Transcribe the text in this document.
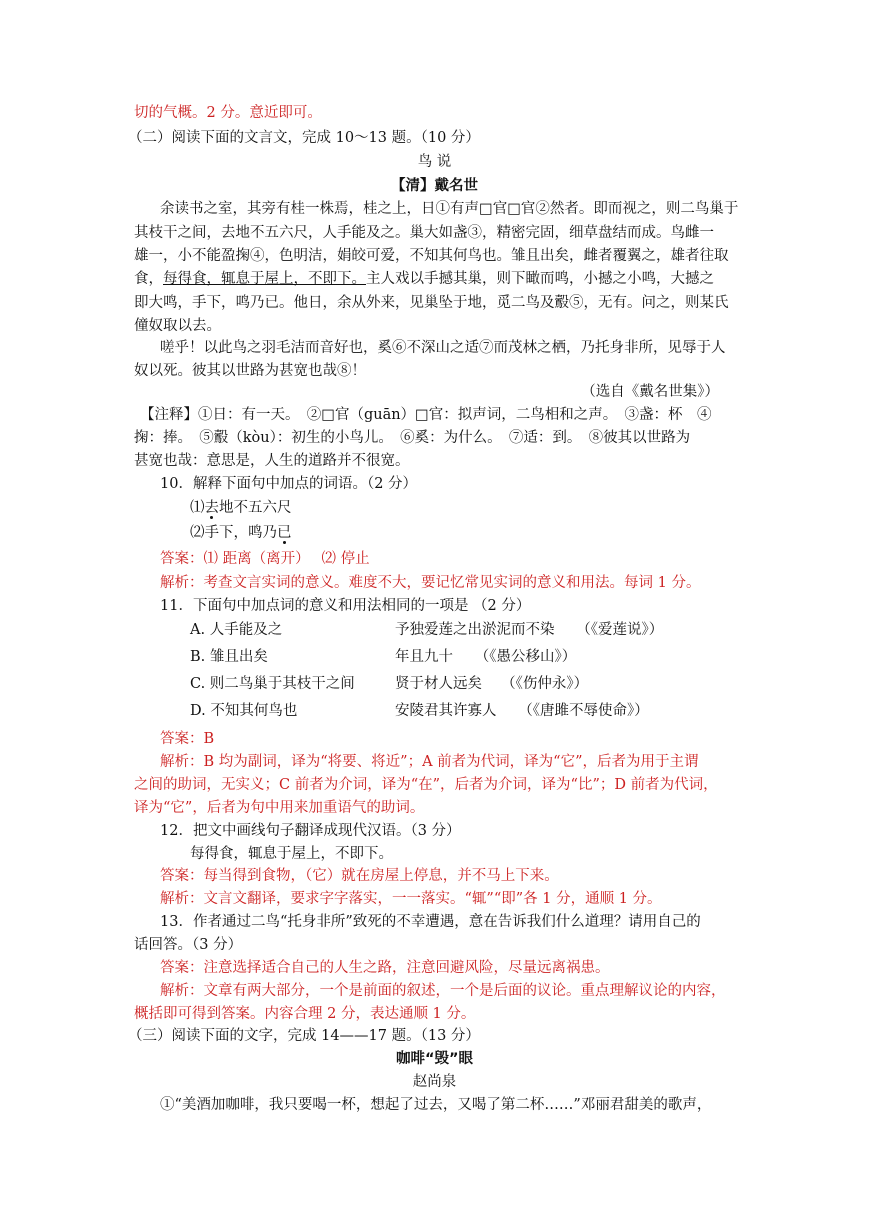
切的气概。2 分。意近即可。
（二）阅读下面的文言文，完成 10～13 题。（10 分）
鸟 说
【清】戴名世
余读书之室，其旁有桂一株焉，桂之上，日①有声□官□官②然者。即而视之，则二鸟巢于
其枝干之间，去地不五六尺，人手能及之。巢大如盏③，精密完固，细草盘结而成。鸟雌一
雄一，小不能盈掬④，色明洁，娟皎可爱，不知其何鸟也。雏且出矣，雌者覆翼之，雄者往取
食，每得食，辄息于屋上，不即下。主人戏以手撼其巢，则下瞰而鸣，小撼之小鸣，大撼之
即大鸣，手下，鸣乃已。他日，余从外来，见巢坠于地，觅二鸟及鷇⑤，无有。问之，则某氏
僮奴取以去。
嗟乎！以此鸟之羽毛洁而音好也，奚⑥不深山之适⑦而茂林之栖，乃托身非所，见辱于人
奴以死。彼其以世路为甚宽也哉⑧！
（选自《戴名世集》）
【注释】①日：有一天。　②□官（guān）□官：拟声词，二鸟相和之声。　③盏：杯　④
掬：捧。　⑤鷇（kòu）：初生的小鸟儿。　⑥奚：为什么。　⑦适：到。　⑧彼其以世路为
甚宽也哉：意思是，人生的道路并不很宽。
10．解释下面句中加点的词语。（2 分）
⑴去地不五六尺
⑵手下，鸣乃已
答案：⑴ 距离（离开）　 ⑵ 停止
解析：考查文言实词的意义。难度不大，要记忆常见实词的意义和用法。每词 1 分。
11．下面句中加点词的意义和用法相同的一项是 （2 分）
A. 人手能及之	予独爱莲之出淤泥而不染　　（《爱莲说》）
B. 雏且出矣	年且九十　　（《愚公移山》）
C. 则二鸟巢于其枝干之间	贤于材人远矣　 （《伤仲永》）
D. 不知其何鸟也	安陵君其许寡人　　（《唐雎不辱使命》）
答案：B
解析：B 均为副词，译为“将要、将近”；A 前者为代词，译为“它”，后者为用于主谓
之间的助词，无实义；C 前者为介词，译为“在”，后者为介词，译为“比”；D 前者为代词，
译为“它”，后者为句中用来加重语气的助词。
12．把文中画线句子翻译成现代汉语。（3 分）
每得食，辄息于屋上，不即下。
答案：每当得到食物，（它）就在房屋上停息，并不马上下来。
解析：文言文翻译，要求字字落实，一一落实。“辄”“即”各 1 分，通顺 1 分。
13．作者通过二鸟“托身非所”致死的不幸遭遇，意在告诉我们什么道理？请用自己的
话回答。（3 分）
答案：注意选择适合自己的人生之路，注意回避风险，尽量远离祸患。
解析：文章有两大部分，一个是前面的叙述，一个是后面的议论。重点理解议论的内容，
概括即可得到答案。内容合理 2 分，表达通顺 1 分。
（三）阅读下面的文字，完成 14——17 题。（13 分）
咖啡“毁”眼
赵尚泉
①“美酒加咖啡，我只要喝一杯，想起了过去，又喝了第二杯……”邓丽君甜美的歌声，
